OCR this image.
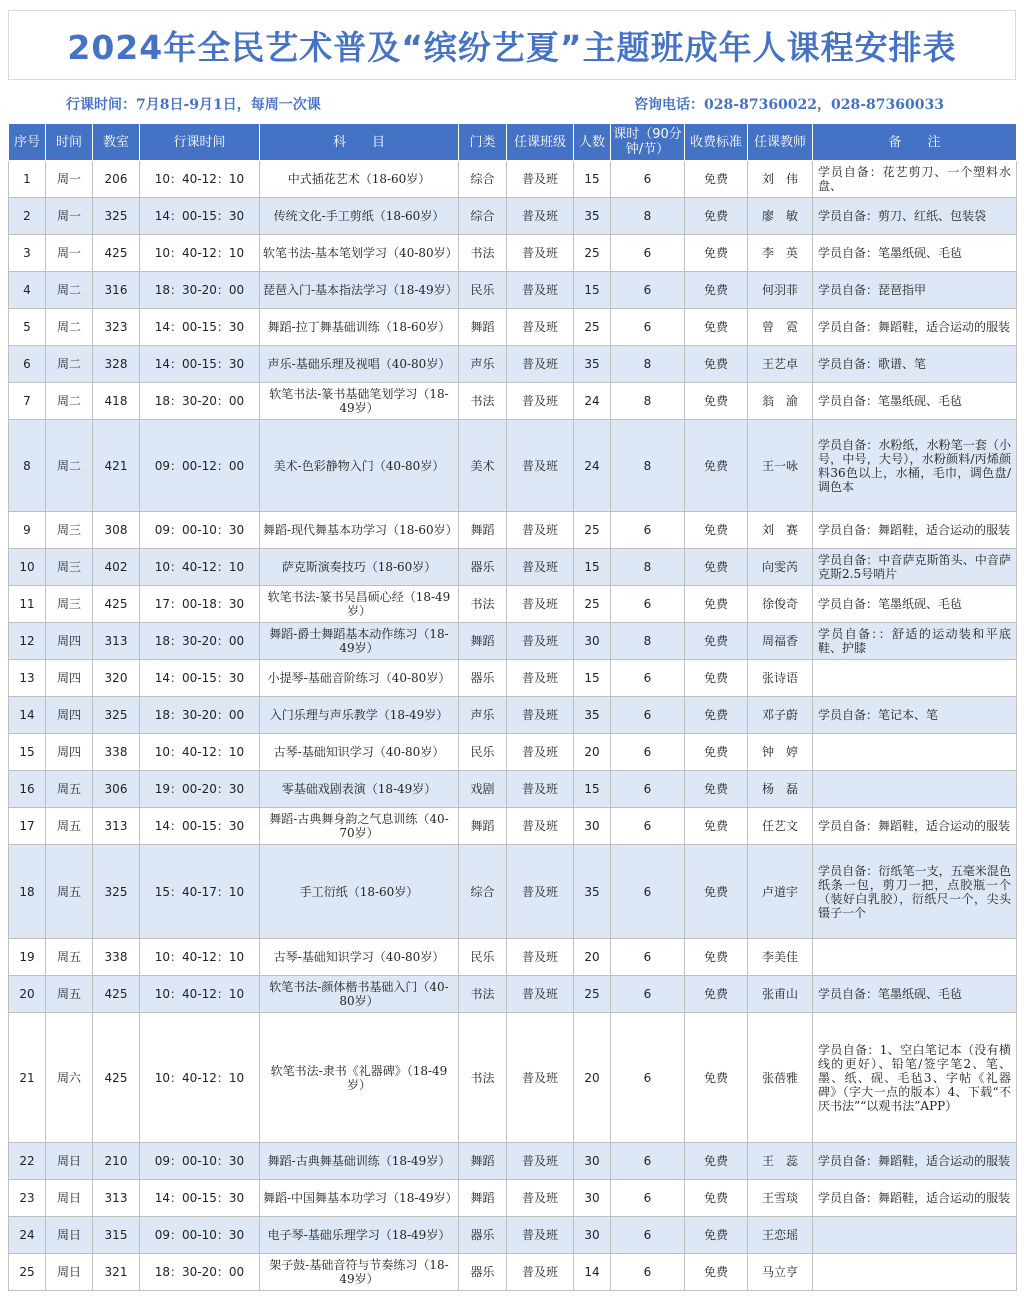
2024年全民艺术普及“缤纷艺夏”主题班成年人课程安排表
行课时间：7月8日-9月1日，每周一次课	咨询电话：028-87360022，028-87360033
序号	时间	教室	行课时间	科　　目	门类	任课班级	人数	课时（90分钟/节）	收费标准	任课教师	备　　注
1	周一	206	10：40-12：10	中式插花艺术（18-60岁）	综合	普及班	15	6	免费	刘　伟	学员自备：花艺剪刀、一个塑料水盘、
2	周一	325	14：00-15：30	传统文化-手工剪纸（18-60岁）	综合	普及班	35	8	免费	廖　敏	学员自备：剪刀、红纸、包装袋
3	周一	425	10：40-12：10	软笔书法-基本笔划学习（40-80岁）	书法	普及班	25	6	免费	李　英	学员自备：笔墨纸砚、毛毡
4	周二	316	18：30-20：00	琵琶入门-基本指法学习（18-49岁）	民乐	普及班	15	6	免费	何羽菲	学员自备：琵琶指甲
5	周二	323	14：00-15：30	舞蹈-拉丁舞基础训练（18-60岁）	舞蹈	普及班	25	6	免费	曾　霓	学员自备：舞蹈鞋，适合运动的服装
6	周二	328	14：00-15：30	声乐-基础乐理及视唱（40-80岁）	声乐	普及班	35	8	免费	王艺卓	学员自备：歌谱、笔
7	周二	418	18：30-20：00	软笔书法-篆书基础笔划学习（18-49岁）	书法	普及班	24	8	免费	翁　渝	学员自备：笔墨纸砚、毛毡
8	周二	421	09：00-12：00	美术-色彩静物入门（40-80岁）	美术	普及班	24	8	免费	王一咏	学员自备：水粉纸，水粉笔一套（小号，中号，大号），水粉颜料/丙烯颜料36色以上，水桶，毛巾，调色盘/调色本
9	周三	308	09：00-10：30	舞蹈-现代舞基本功学习（18-60岁）	舞蹈	普及班	25	6	免费	刘　赛	学员自备：舞蹈鞋，适合运动的服装
10	周三	402	10：40-12：10	萨克斯演奏技巧（18-60岁）	器乐	普及班	15	8	免费	向雯芮	学员自备：中音萨克斯笛头、中音萨克斯2.5号哨片
11	周三	425	17：00-18：30	软笔书法-篆书吴昌硕心经（18-49岁）	书法	普及班	25	6	免费	徐俊奇	学员自备：笔墨纸砚、毛毡
12	周四	313	18：30-20：00	舞蹈-爵士舞蹈基本动作练习（18-49岁）	舞蹈	普及班	30	8	免费	周福香	学员自备：：舒适的运动装和平底鞋、护膝
13	周四	320	14：00-15：30	小提琴-基础音阶练习（40-80岁）	器乐	普及班	15	6	免费	张诗语	
14	周四	325	18：30-20：00	入门乐理与声乐教学（18-49岁）	声乐	普及班	35	6	免费	邓子蔚	学员自备：笔记本、笔
15	周四	338	10：40-12：10	古琴-基础知识学习（40-80岁）	民乐	普及班	20	6	免费	钟　婷	
16	周五	306	19：00-20：30	零基础戏剧表演（18-49岁）	戏剧	普及班	15	6	免费	杨　磊	
17	周五	313	14：00-15：30	舞蹈-古典舞身韵之气息训练（40-70岁）	舞蹈	普及班	30	6	免费	任艺文	学员自备：舞蹈鞋，适合运动的服装
18	周五	325	15：40-17：10	手工衍纸（18-60岁）	综合	普及班	35	6	免费	卢道宇	学员自备：衍纸笔一支，五毫米混色纸条一包，剪刀一把，点胶瓶一个（装好白乳胶），衍纸尺一个，尖头镊子一个
19	周五	338	10：40-12：10	古琴-基础知识学习（40-80岁）	民乐	普及班	20	6	免费	李美佳	
20	周五	425	10：40-12：10	软笔书法-颜体楷书基础入门（40-80岁）	书法	普及班	25	6	免费	张甫山	学员自备：笔墨纸砚、毛毡
21	周六	425	10：40-12：10	软笔书法-隶书《礼器碑》（18-49岁）	书法	普及班	20	6	免费	张蓓雅	学员自备：1、空白笔记本（没有横线的更好）、铅笔/签字笔2、笔、墨、纸、砚、毛毡3、字帖《礼器碑》（字大一点的版本）4、下载“不厌书法”“以观书法”APP）
22	周日	210	09：00-10：30	舞蹈-古典舞基础训练（18-49岁）	舞蹈	普及班	30	6	免费	王　蕊	学员自备：舞蹈鞋，适合运动的服装
23	周日	313	14：00-15：30	舞蹈-中国舞基本功学习（18-49岁）	舞蹈	普及班	30	6	免费	王雪琰	学员自备：舞蹈鞋，适合运动的服装
24	周日	315	09：00-10：30	电子琴-基础乐理学习（18-49岁）	器乐	普及班	30	6	免费	王恋瑶	
25	周日	321	18：30-20：00	架子鼓-基础音符与节奏练习（18-49岁）	器乐	普及班	14	6	免费	马立亨	
